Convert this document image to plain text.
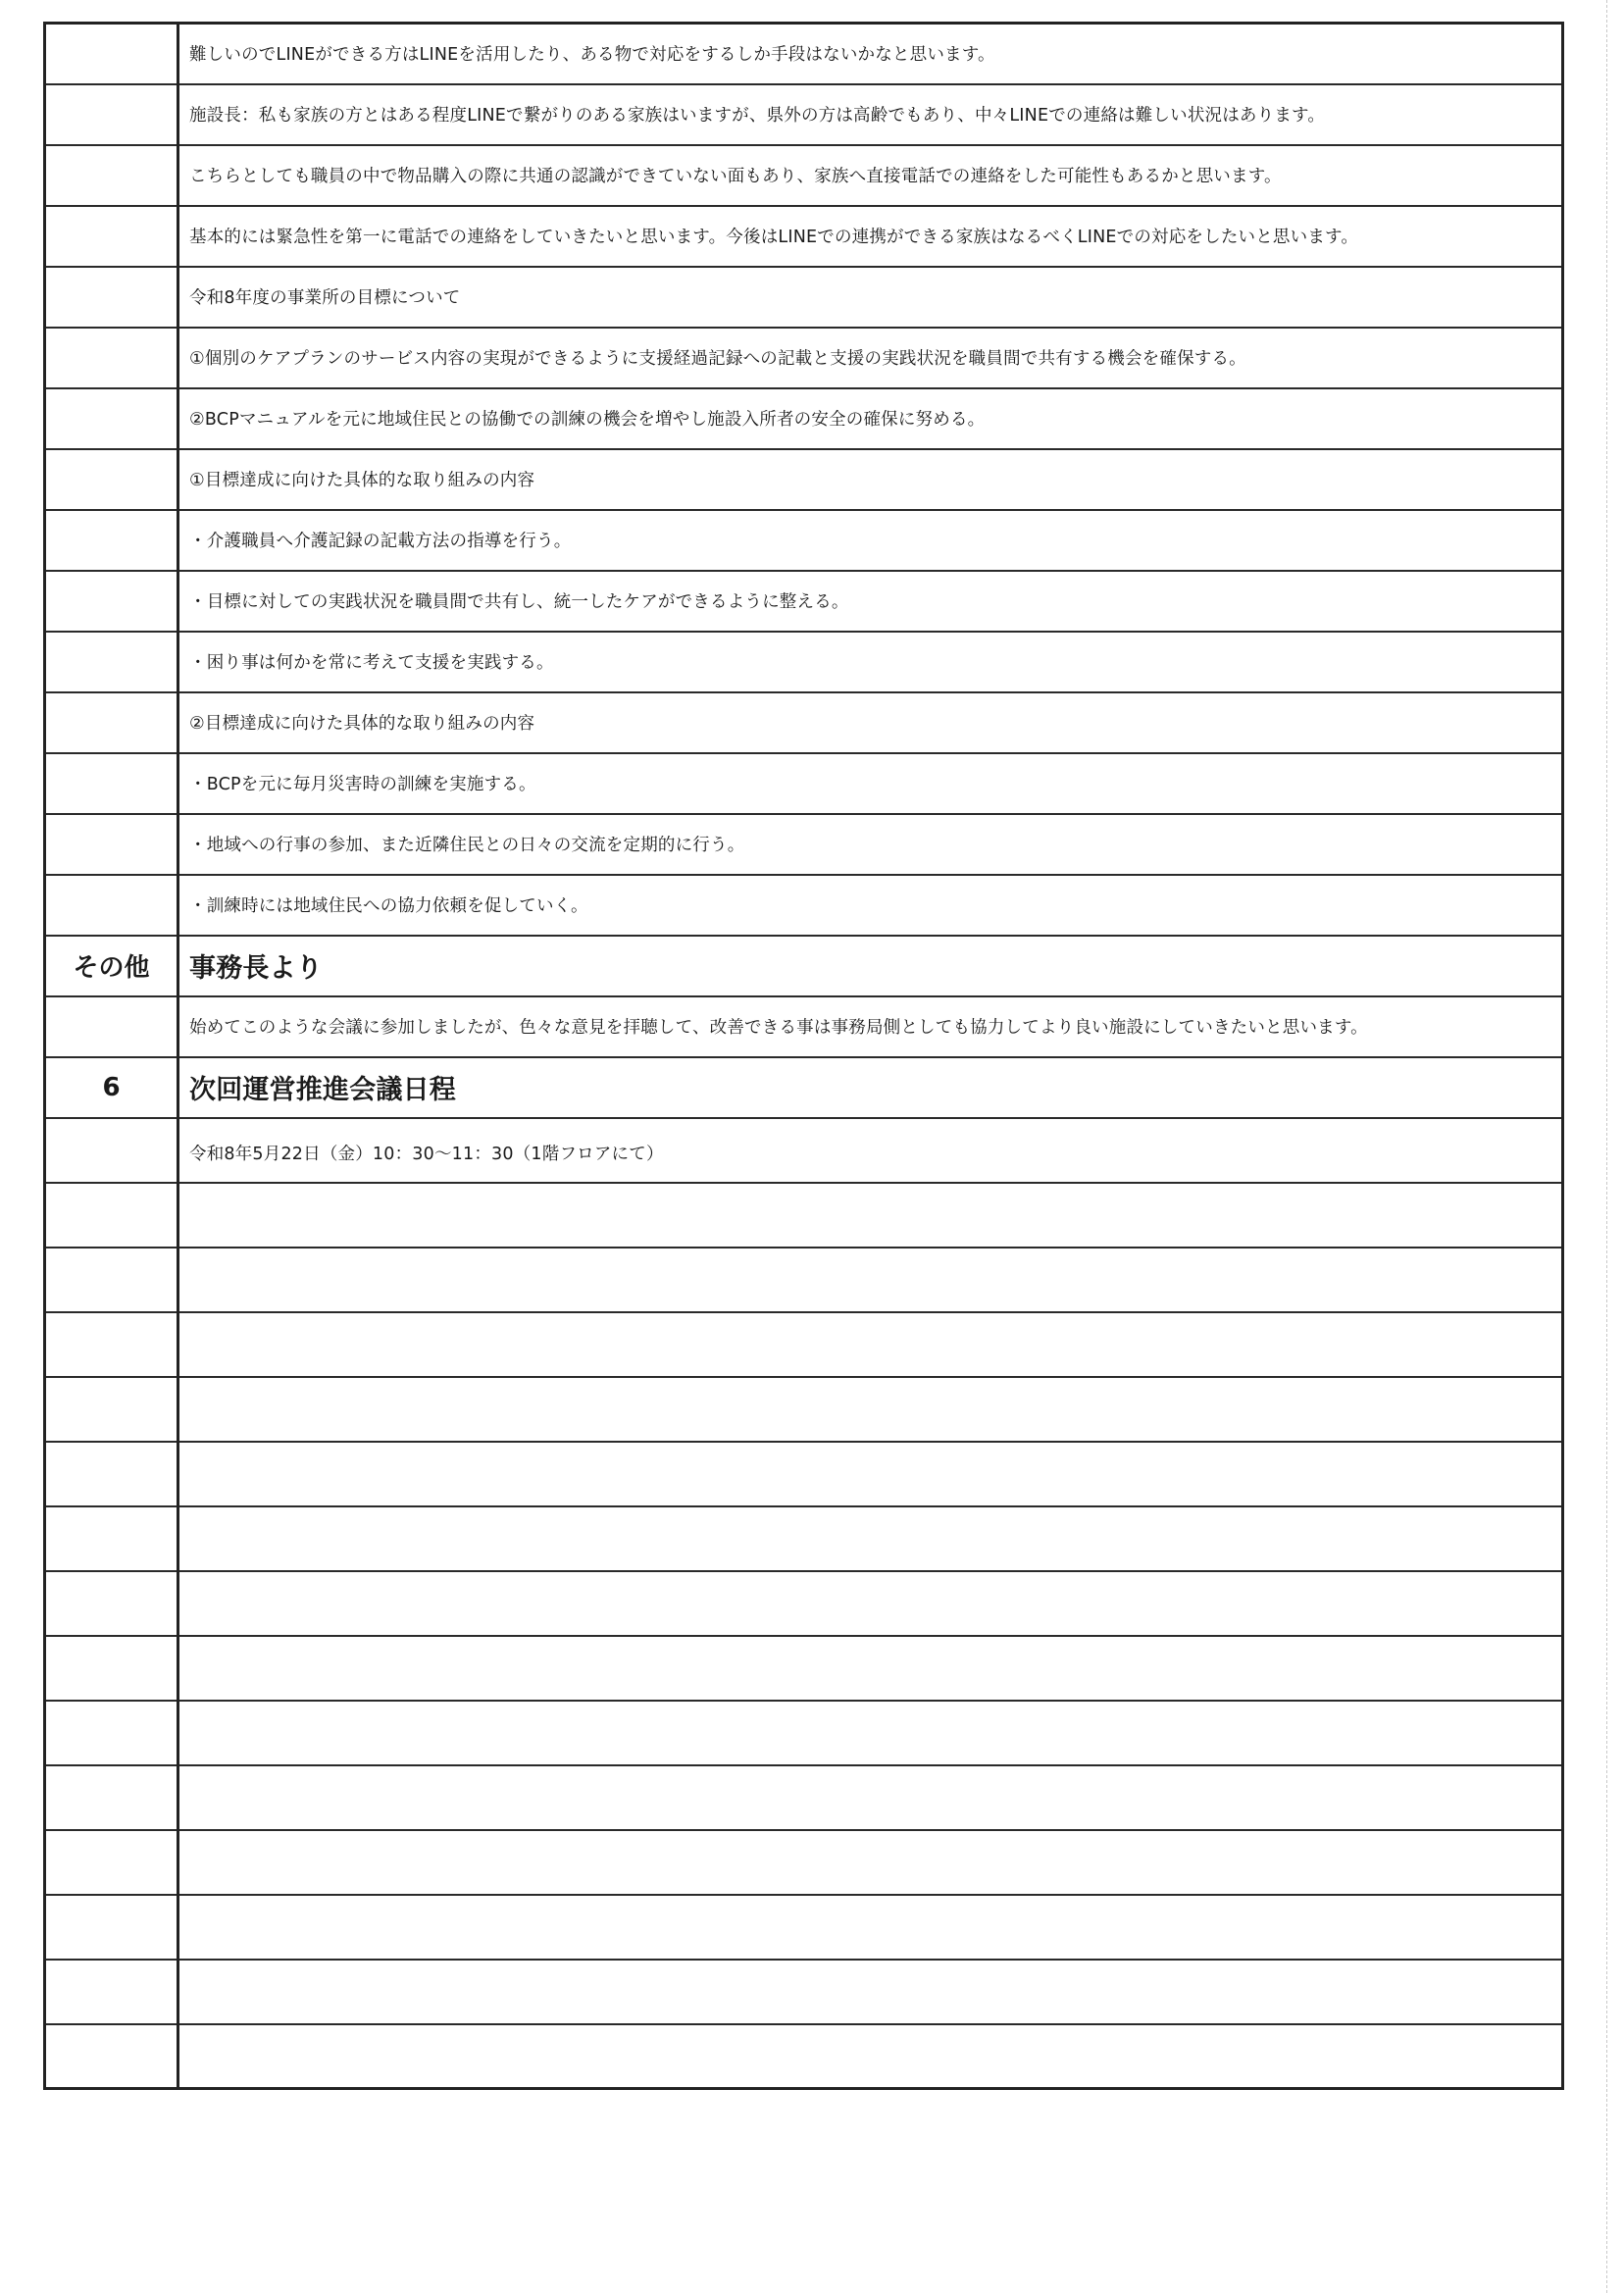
	難しいのでLINEができる方はLINEを活用したり、ある物で対応をするしか手段はないかなと思います。
	施設長：私も家族の方とはある程度LINEで繋がりのある家族はいますが、県外の方は高齢でもあり、中々LINEでの連絡は難しい状況はあります。
	こちらとしても職員の中で物品購入の際に共通の認識ができていない面もあり、家族へ直接電話での連絡をした可能性もあるかと思います。
	基本的には緊急性を第一に電話での連絡をしていきたいと思います。今後はLINEでの連携ができる家族はなるべくLINEでの対応をしたいと思います。
	令和8年度の事業所の目標について
	①個別のケアプランのサービス内容の実現ができるように支援経過記録への記載と支援の実践状況を職員間で共有する機会を確保する。
	②BCPマニュアルを元に地域住民との協働での訓練の機会を増やし施設入所者の安全の確保に努める。
	①目標達成に向けた具体的な取り組みの内容
	・介護職員へ介護記録の記載方法の指導を行う。
	・目標に対しての実践状況を職員間で共有し、統一したケアができるように整える。
	・困り事は何かを常に考えて支援を実践する。
	②目標達成に向けた具体的な取り組みの内容
	・BCPを元に毎月災害時の訓練を実施する。
	・地域への行事の参加、また近隣住民との日々の交流を定期的に行う。
	・訓練時には地域住民への協力依頼を促していく。
その他	事務長より
	始めてこのような会議に参加しましたが、色々な意見を拝聴して、改善できる事は事務局側としても協力してより良い施設にしていきたいと思います。
6	次回運営推進会議日程
	令和8年5月22日（金）10：30～11：30（1階フロアにて）
